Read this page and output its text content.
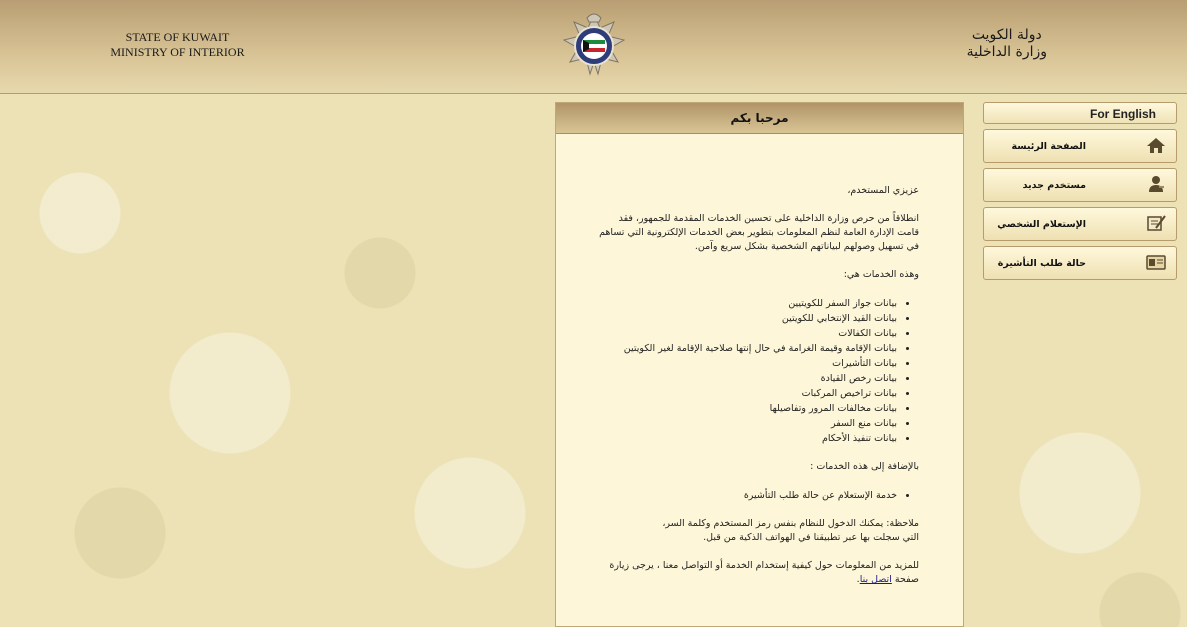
STATE OF KUWAIT
MINISTRY OF INTERIOR
دولة الكويت
وزارة الداخلية
مرحبا بكم

عزيزي المستخدم،

انطلاقاً من حرص وزارة الداخلية على تحسين الخدمات المقدمة للجمهور، فقد قامت الإدارة العامة لنظم المعلومات بتطوير بعض الخدمات الإلكترونية التي تساهم في تسهيل وصولهم لبياناتهم الشخصية بشكل سريع وآمن.

وهذه الخدمات هي:

• بيانات جواز السفر للكويتيين
• بيانات القيد الإنتخابي للكويتين
• بيانات الكفالات
• بيانات الإقامة وقيمة الغرامة في حال إنتها صلاحية الإقامة لغير الكويتين
• بيانات التأشيرات
• بيانات رخص القيادة
• بيانات تراخيص المركبات
• بيانات مخالفات المرور وتفاصيلها
• بيانات منع السفر
• بيانات تنفيذ الأحكام

بالإضافة إلى هذه الخدمات :

• خدمة الإستعلام عن حالة طلب التأشيرة

ملاحظة: يمكنك الدخول للنظام بنفس رمز المستخدم وكلمة السر،
التي سجلت بها عبر تطبيقنا في الهواتف الذكية من قبل.

للمزيد من المعلومات حول كيفية إستخدام الخدمة أو التواصل معنا ، يرجى زيارة صفحة اتصل بنا.

For English
الصفحة الرئيسة
مستخدم جديد
الإستعلام الشخصي
حالة طلب التأشيرة
